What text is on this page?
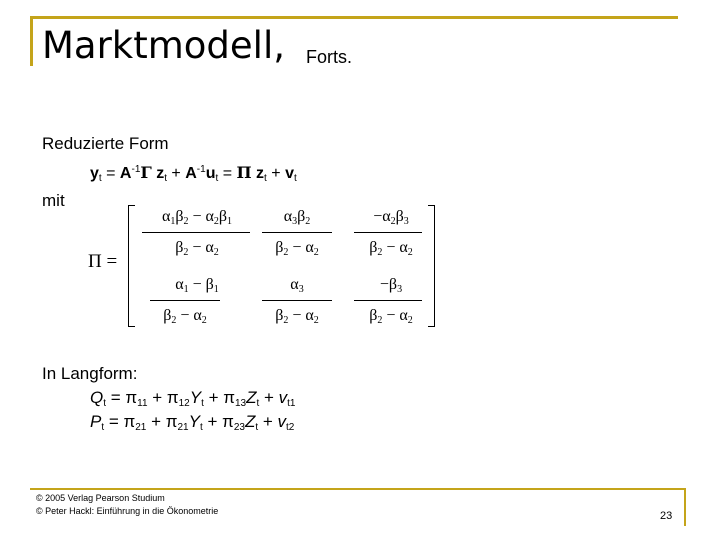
Marktmodell, Forts.
Reduzierte Form
$y_t = A^{-1}\Gamma$ $z_t + A^{-1}u_t = \Pi$ $z_t + v_t$
mit
Π =
$\alpha_1\beta_2 - \alpha_2\beta_1$
$\beta_2 - \alpha_2$
$\alpha_3\beta_2$
$\beta_2 - \alpha_2$
$-\alpha_2\beta_3$
$\beta_2 - \alpha_2$
$\alpha_1 - \beta_1$
$\beta_2 - \alpha_2$
$\alpha_3$
$\beta_2 - \alpha_2$
$-\beta_3$
$\beta_2 - \alpha_2$
In Langform:
$Q_t = \pi_{11} + \pi_{12}Y_t + \pi_{13}Z_t + v_{t1}$
$P_t = \pi_{21} + \pi_{21}Y_t + \pi_{23}Z_t + v_{t2}$
© 2005 Verlag Pearson Studium
© Peter Hackl: Einführung in die Ökonometrie	23
